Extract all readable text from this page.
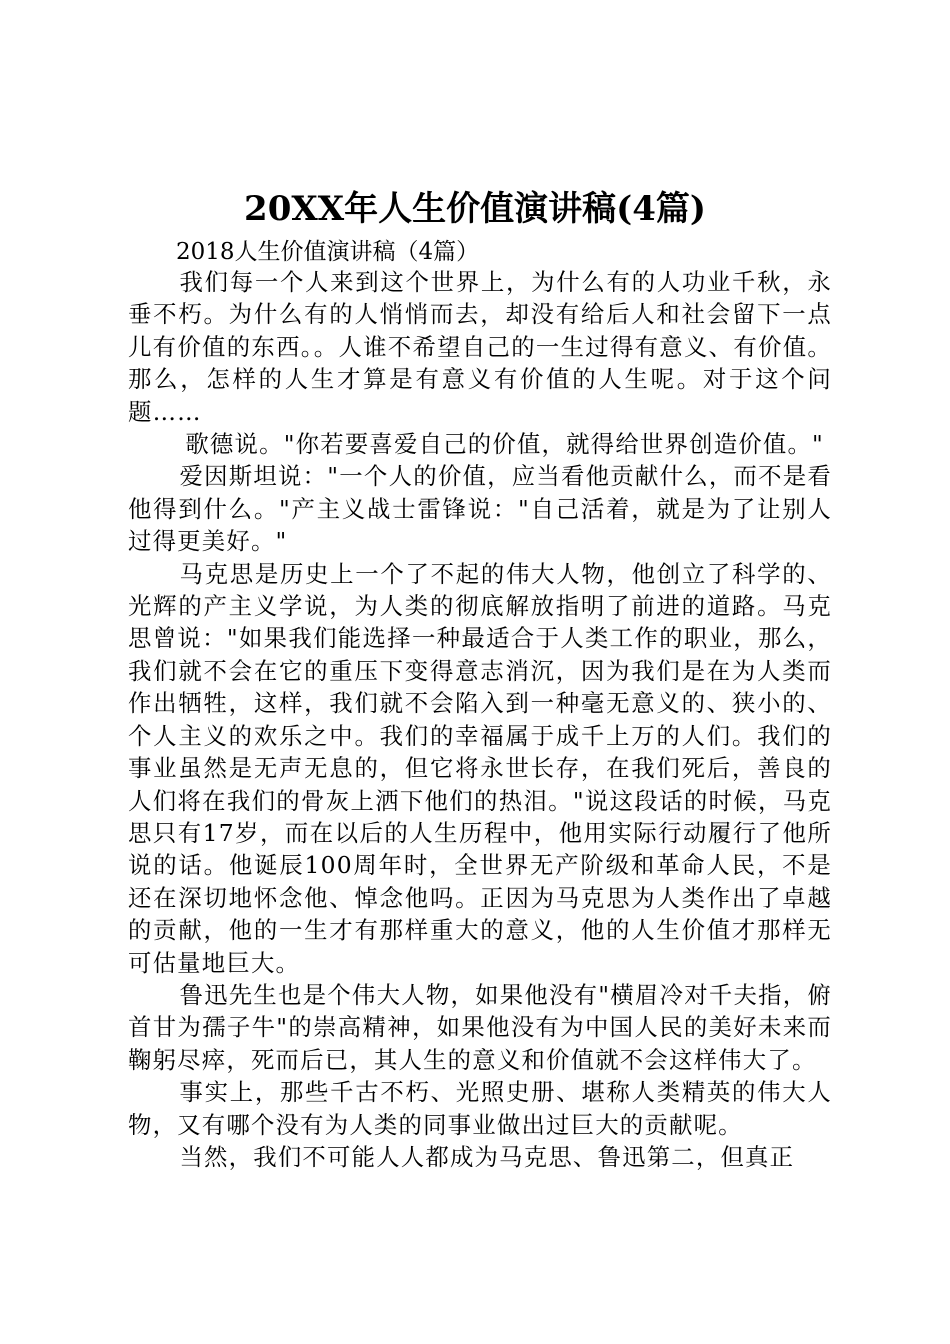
20XX年人生价值演讲稿(4篇)
2018人生价值演讲稿（4篇）

我们每一个人来到这个世界上，为什么有的人功业千秋，永垂不朽。为什么有的人悄悄而去，却没有给后人和社会留下一点儿有价值的东西。。人谁不希望自己的一生过得有意义、有价值。那么，怎样的人生才算是有意义有价值的人生呢。对于这个问题……

歌德说。"你若要喜爱自己的价值，就得给世界创造价值。"

爱因斯坦说："一个人的价值，应当看他贡献什么，而不是看他得到什么。"产主义战士雷锋说："自己活着，就是为了让别人过得更美好。"

马克思是历史上一个了不起的伟大人物，他创立了科学的、光辉的产主义学说，为人类的彻底解放指明了前进的道路。马克思曾说："如果我们能选择一种最适合于人类工作的职业，那么，我们就不会在它的重压下变得意志消沉，因为我们是在为人类而作出牺牲，这样，我们就不会陷入到一种毫无意义的、狭小的、个人主义的欢乐之中。我们的幸福属于成千上万的人们。我们的事业虽然是无声无息的，但它将永世长存，在我们死后，善良的人们将在我们的骨灰上洒下他们的热泪。"说这段话的时候，马克思只有17岁，而在以后的人生历程中，他用实际行动履行了他所说的话。他诞辰100周年时，全世界无产阶级和革命人民，不是还在深切地怀念他、悼念他吗。正因为马克思为人类作出了卓越的贡献，他的一生才有那样重大的意义，他的人生价值才那样无可估量地巨大。

鲁迅先生也是个伟大人物，如果他没有"横眉冷对千夫指，俯首甘为孺子牛"的崇高精神，如果他没有为中国人民的美好未来而鞠躬尽瘁，死而后已，其人生的意义和价值就不会这样伟大了。

事实上，那些千古不朽、光照史册、堪称人类精英的伟大人物，又有哪个没有为人类的同事业做出过巨大的贡献呢。

当然，我们不可能人人都成为马克思、鲁迅第二，但真正
